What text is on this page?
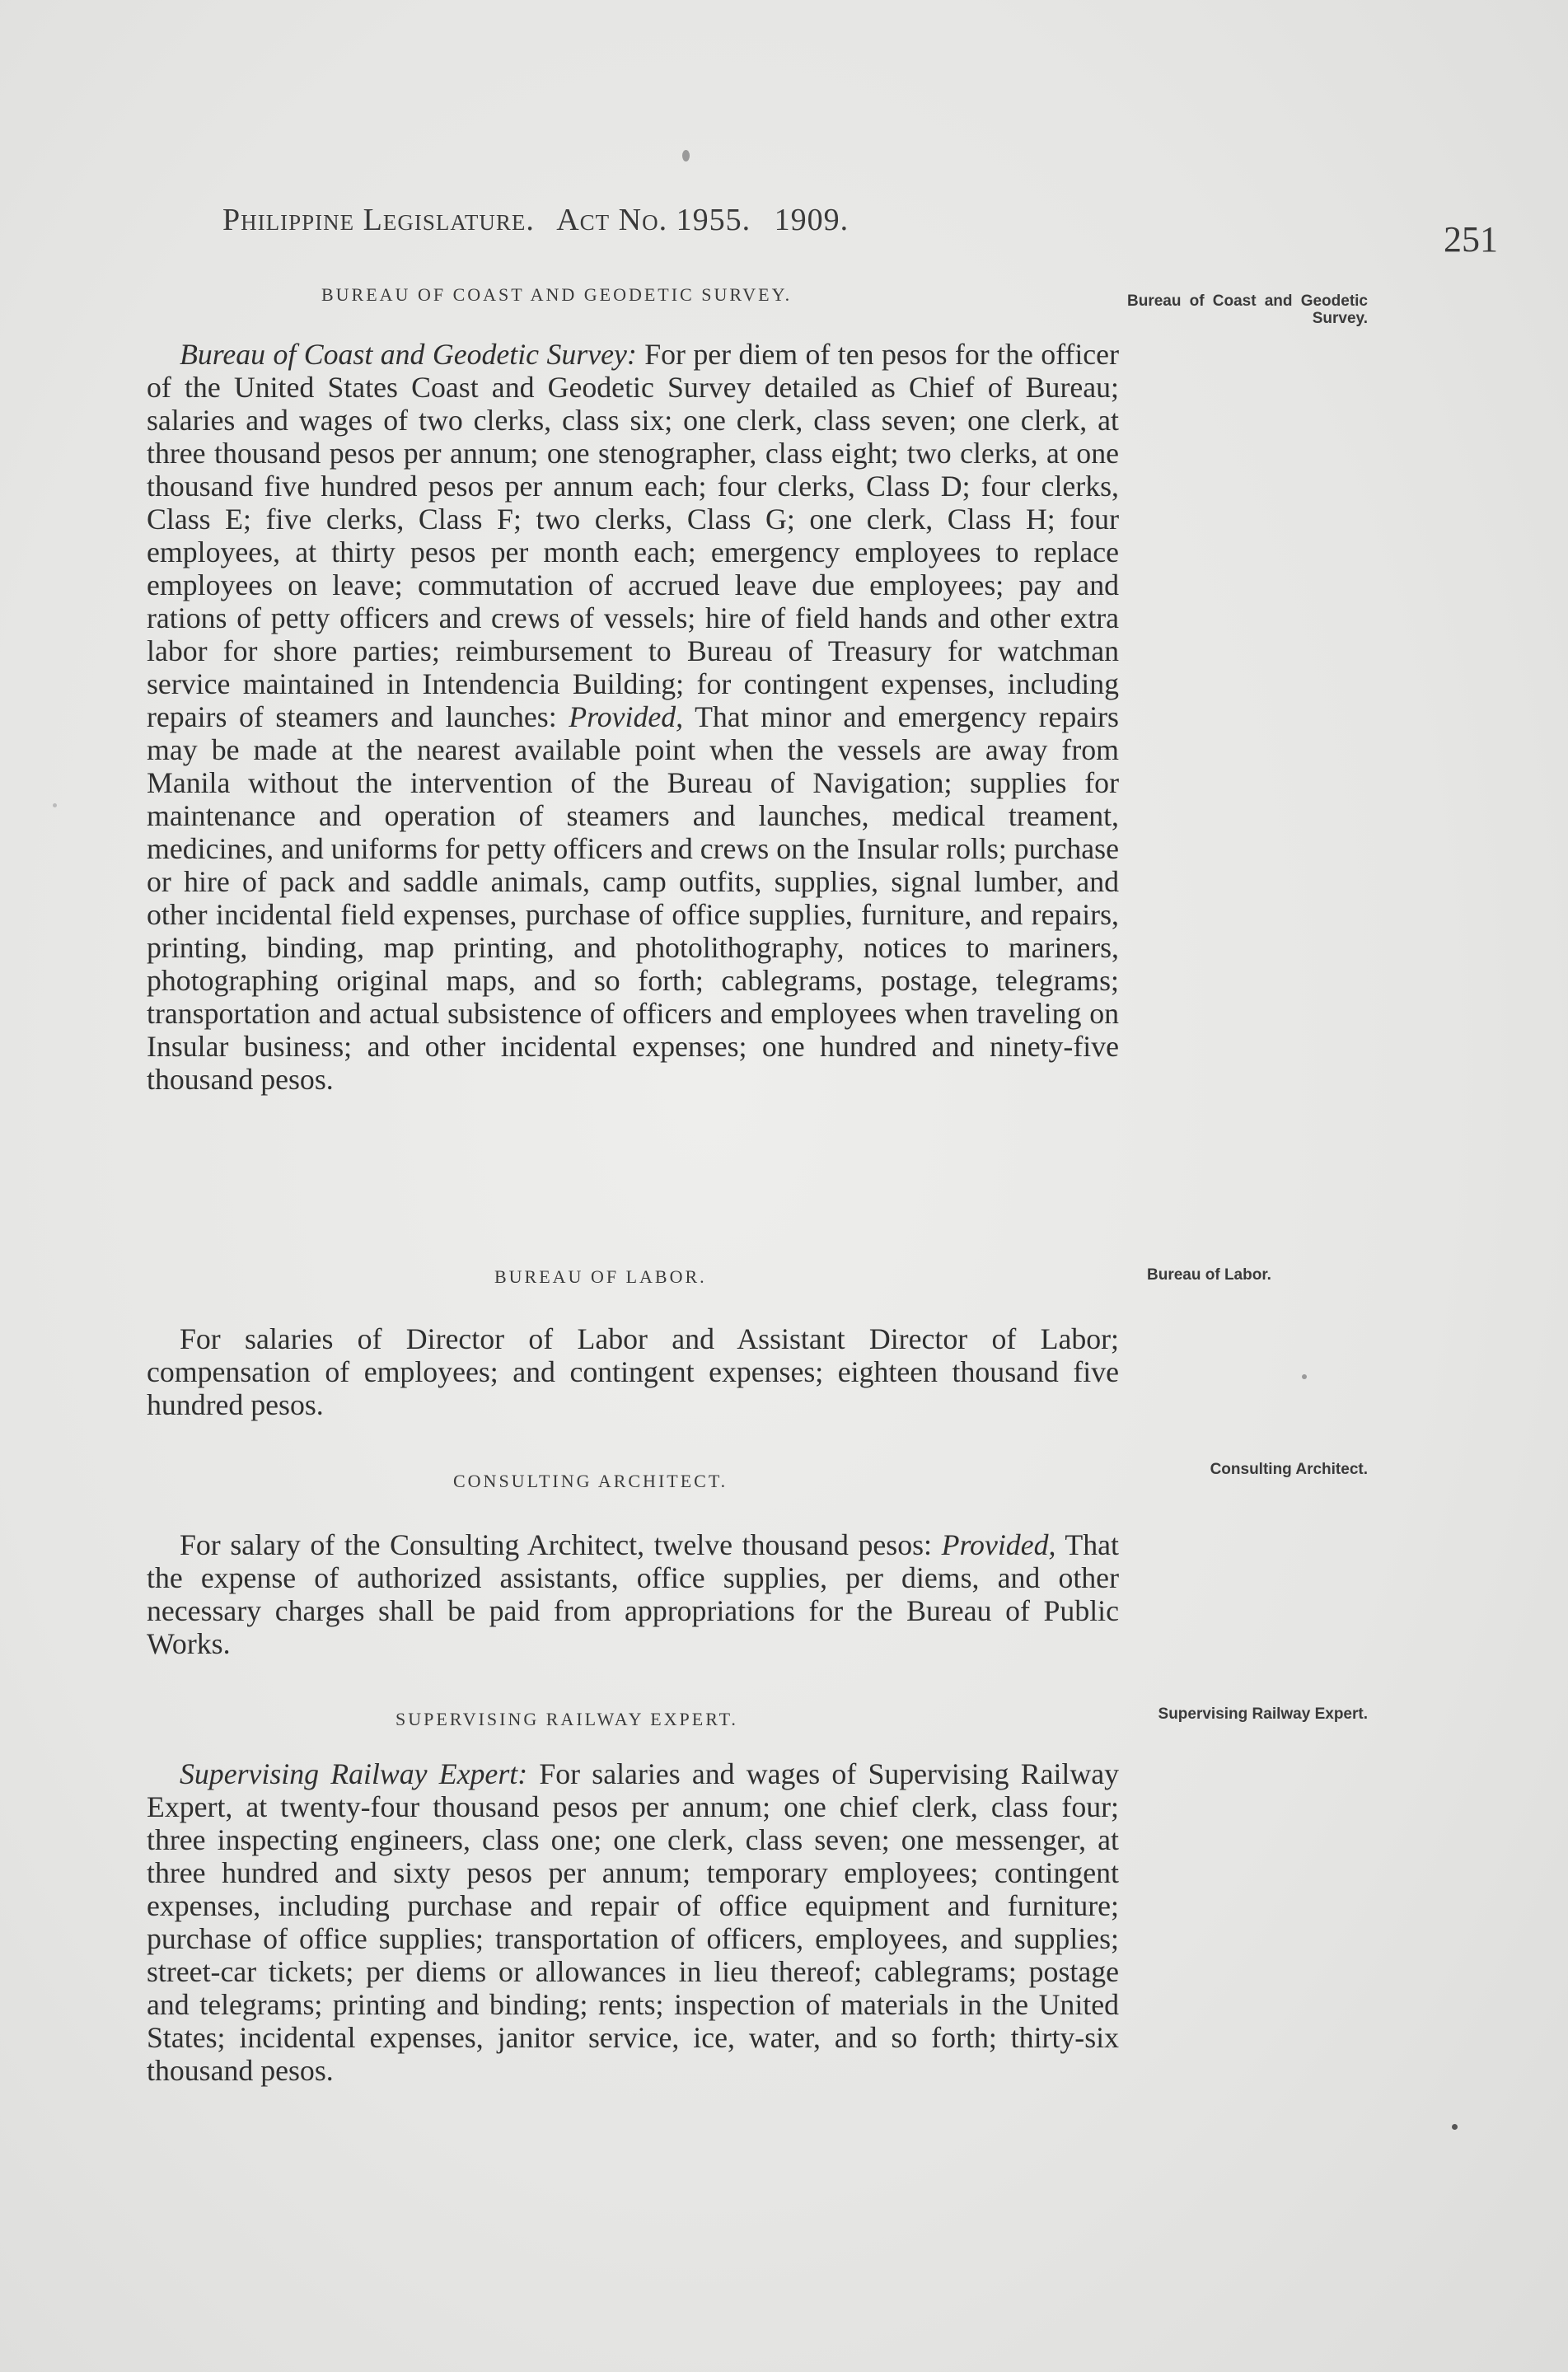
Philippine Legislature. Act No. 1955. 1909.	251
BUREAU OF COAST AND GEODETIC SURVEY.	Bureau of Coast and Geodetic Survey.
Bureau of Coast and Geodetic Survey: For per diem of ten pesos for the officer of the United States Coast and Geodetic Survey detailed as Chief of Bureau; salaries and wages of two clerks, class six; one clerk, class seven; one clerk, at three thousand pesos per annum; one stenographer, class eight; two clerks, at one thousand five hundred pesos per annum each; four clerks, Class D; four clerks, Class E; five clerks, Class F; two clerks, Class G; one clerk, Class H; four employees, at thirty pesos per month each; emergency employees to replace employees on leave; commutation of accrued leave due employees; pay and rations of petty officers and crews of vessels; hire of field hands and other extra labor for shore parties; reimbursement to Bureau of Treasury for watchman service maintained in Intendencia Building; for contingent expenses, including repairs of steamers and launches: Provided, That minor and emergency repairs may be made at the nearest available point when the vessels are away from Manila without the intervention of the Bureau of Navigation; supplies for maintenance and operation of steamers and launches, medical treament, medicines, and uniforms for petty officers and crews on the Insular rolls; purchase or hire of pack and saddle animals, camp outfits, supplies, signal lumber, and other incidental field expenses, purchase of office supplies, furniture, and repairs, printing, binding, map printing, and photolithography, notices to mariners, photographing original maps, and so forth; cablegrams, postage, telegrams; transportation and actual subsistence of officers and employees when traveling on Insular business; and other incidental expenses; one hundred and ninety-five thousand pesos.
BUREAU OF LABOR.	Bureau of Labor.
For salaries of Director of Labor and Assistant Director of Labor; compensation of employees; and contingent expenses; eighteen thousand five hundred pesos.
CONSULTING ARCHITECT.
Consulting Architect.
For salary of the Consulting Architect, twelve thousand pesos: Provided, That the expense of authorized assistants, office supplies, per diems, and other necessary charges shall be paid from appropriations for the Bureau of Public Works.
SUPERVISING RAILWAY EXPERT.	Supervising Railway Expert.
Supervising Railway Expert: For salaries and wages of Supervising Railway Expert, at twenty-four thousand pesos per annum; one chief clerk, class four; three inspecting engineers, class one; one clerk, class seven; one messenger, at three hundred and sixty pesos per annum; temporary employees; contingent expenses, including purchase and repair of office equipment and furniture; purchase of office supplies; transportation of officers, employees, and supplies; street-car tickets; per diems or allowances in lieu thereof; cablegrams; postage and telegrams; printing and binding; rents; inspection of materials in the United States; incidental expenses, janitor service, ice, water, and so forth; thirty-six thousand pesos.
